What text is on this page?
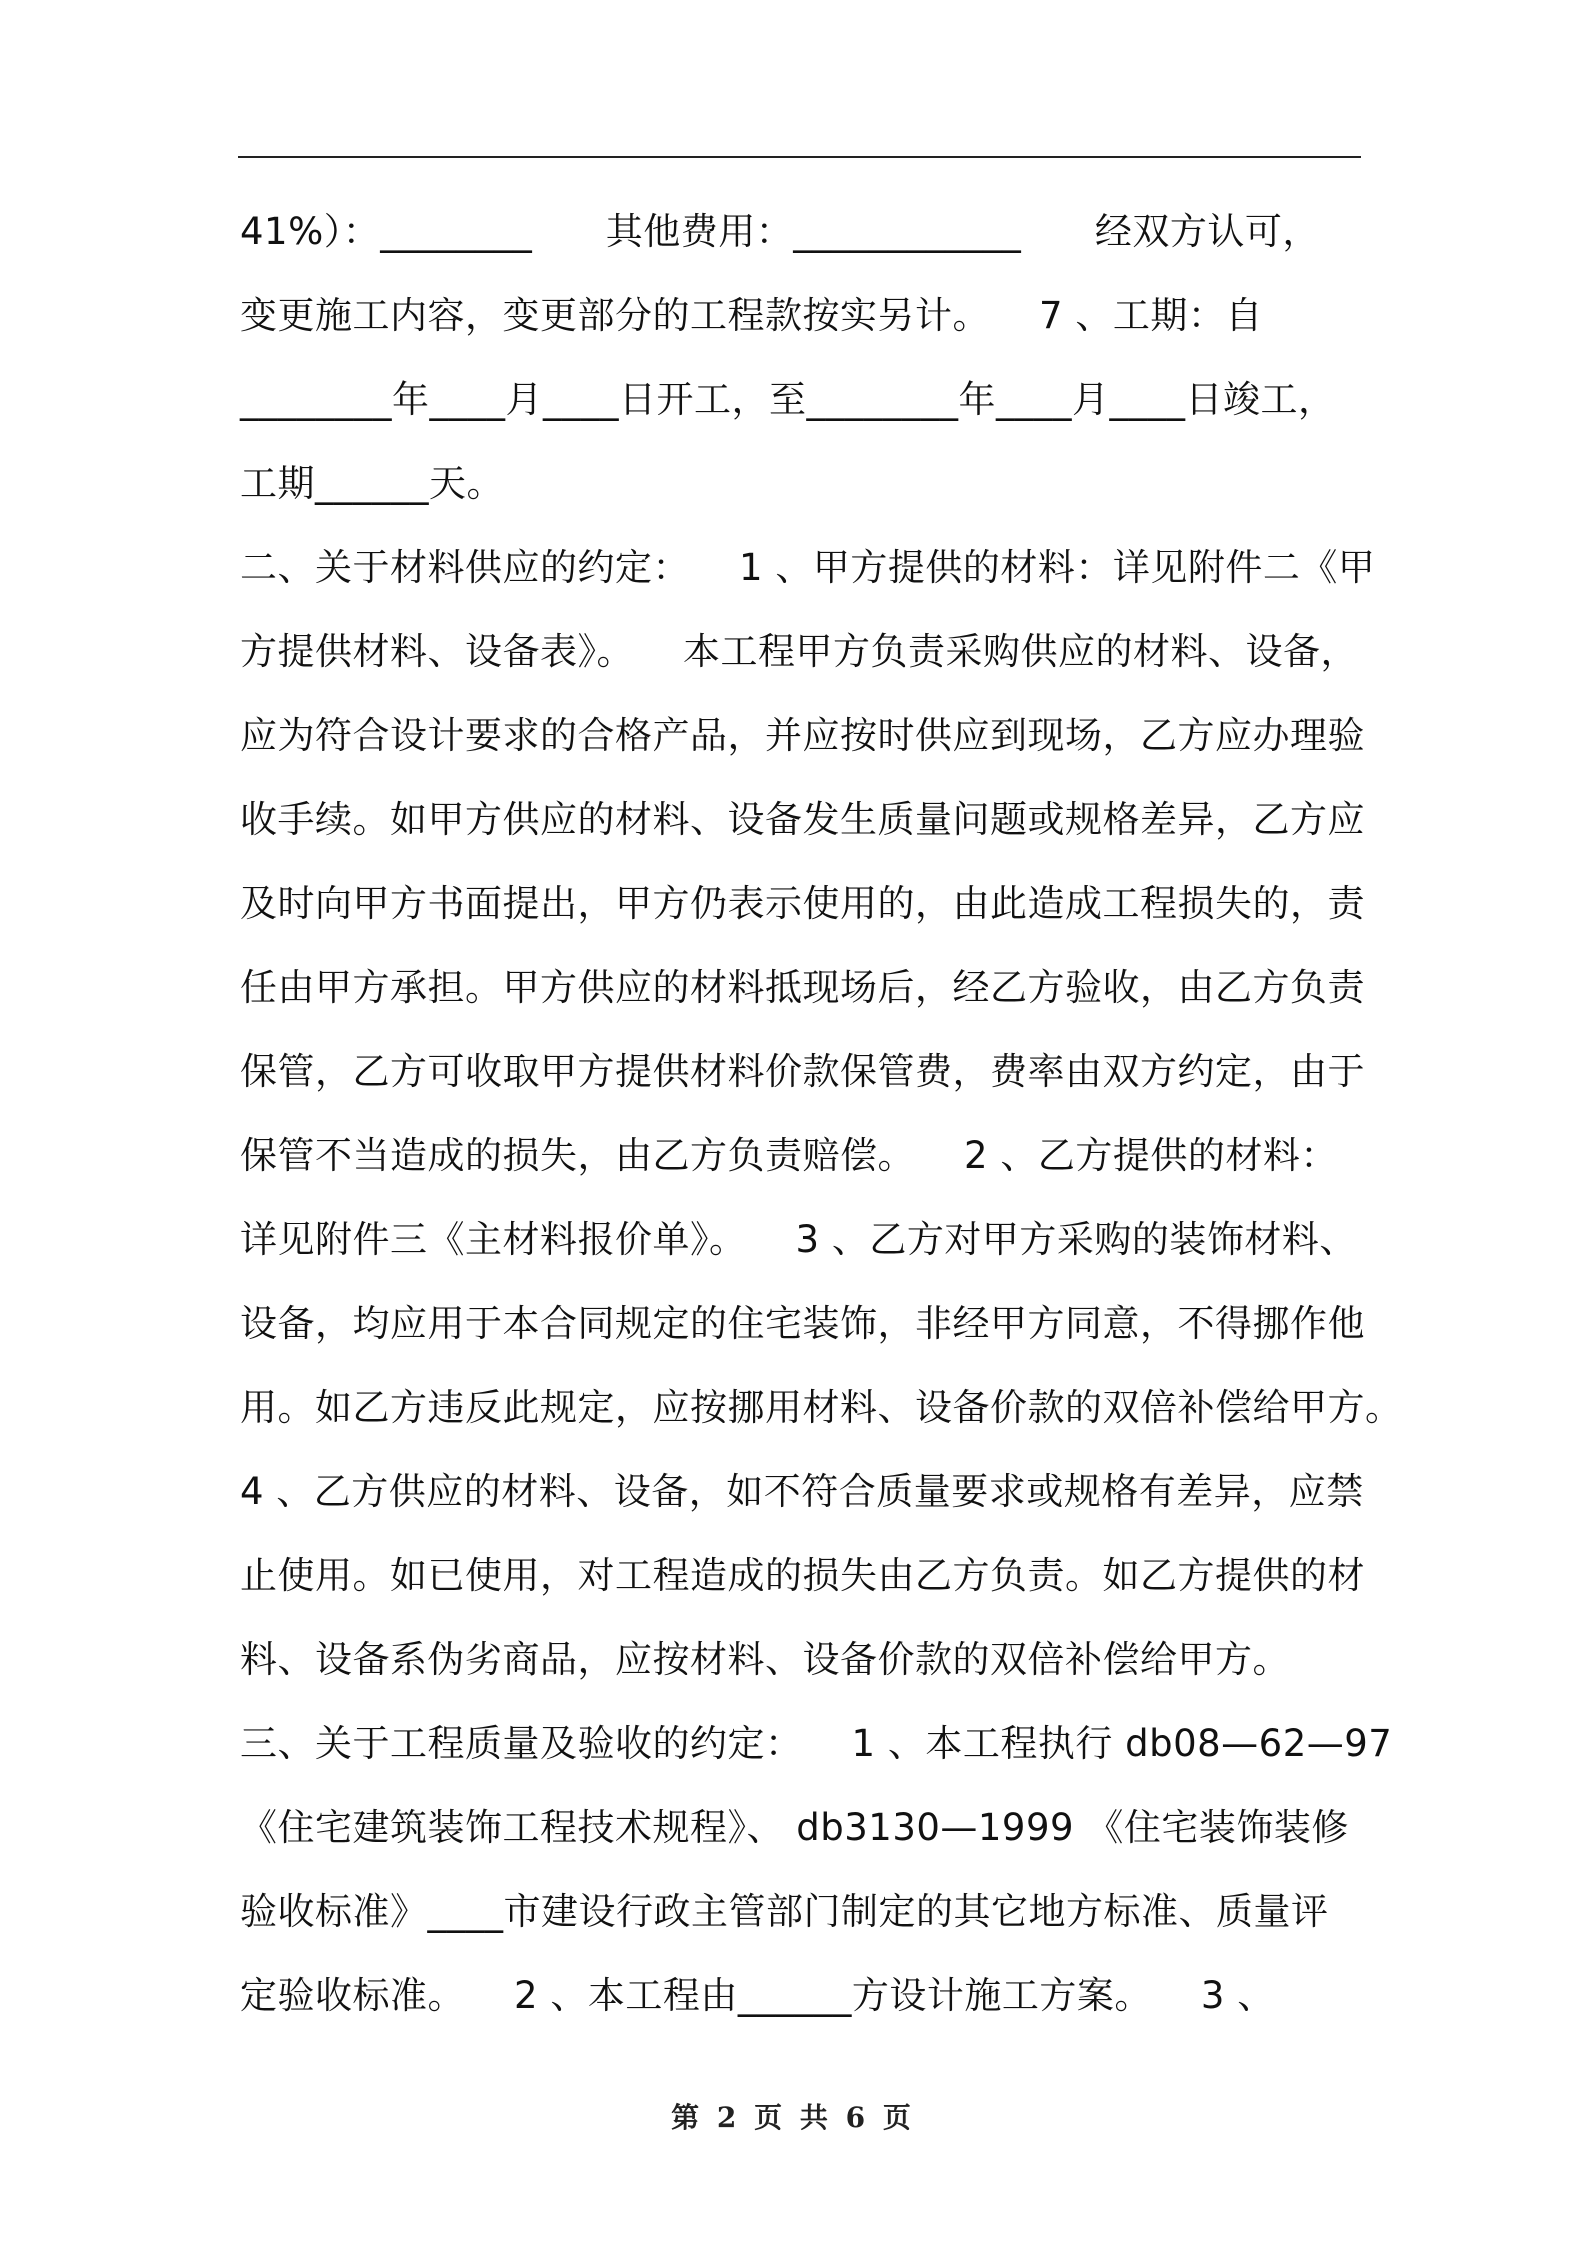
41%）：________      其他费用：____________      经双方认可，
变更施工内容，变更部分的工程款按实另计。    7 、工期：自
________年____月____日开工，至________年____月____日竣工，
工期______天。
二、关于材料供应的约定：    1 、甲方提供的材料：详见附件二《甲
方提供材料、设备表》。    本工程甲方负责采购供应的材料、设备，
应为符合设计要求的合格产品，并应按时供应到现场，乙方应办理验
收手续。如甲方供应的材料、设备发生质量问题或规格差异，乙方应
及时向甲方书面提出，甲方仍表示使用的，由此造成工程损失的，责
任由甲方承担。甲方供应的材料抵现场后，经乙方验收，由乙方负责
保管，乙方可收取甲方提供材料价款保管费，费率由双方约定，由于
保管不当造成的损失，由乙方负责赔偿。    2 、乙方提供的材料：
详见附件三《主材料报价单》。    3 、乙方对甲方采购的装饰材料、
设备，均应用于本合同规定的住宅装饰，非经甲方同意，不得挪作他
用。如乙方违反此规定，应按挪用材料、设备价款的双倍补偿给甲方。
4 、乙方供应的材料、设备，如不符合质量要求或规格有差异，应禁
止使用。如已使用，对工程造成的损失由乙方负责。如乙方提供的材
料、设备系伪劣商品，应按材料、设备价款的双倍补偿给甲方。
三、关于工程质量及验收的约定：    1 、本工程执行 db08—62—97
《住宅建筑装饰工程技术规程》、 db3130—1999 《住宅装饰装修
验收标准》____市建设行政主管部门制定的其它地方标准、质量评
定验收标准。    2 、本工程由______方设计施工方案。    3 、
第 2 页 共 6 页
